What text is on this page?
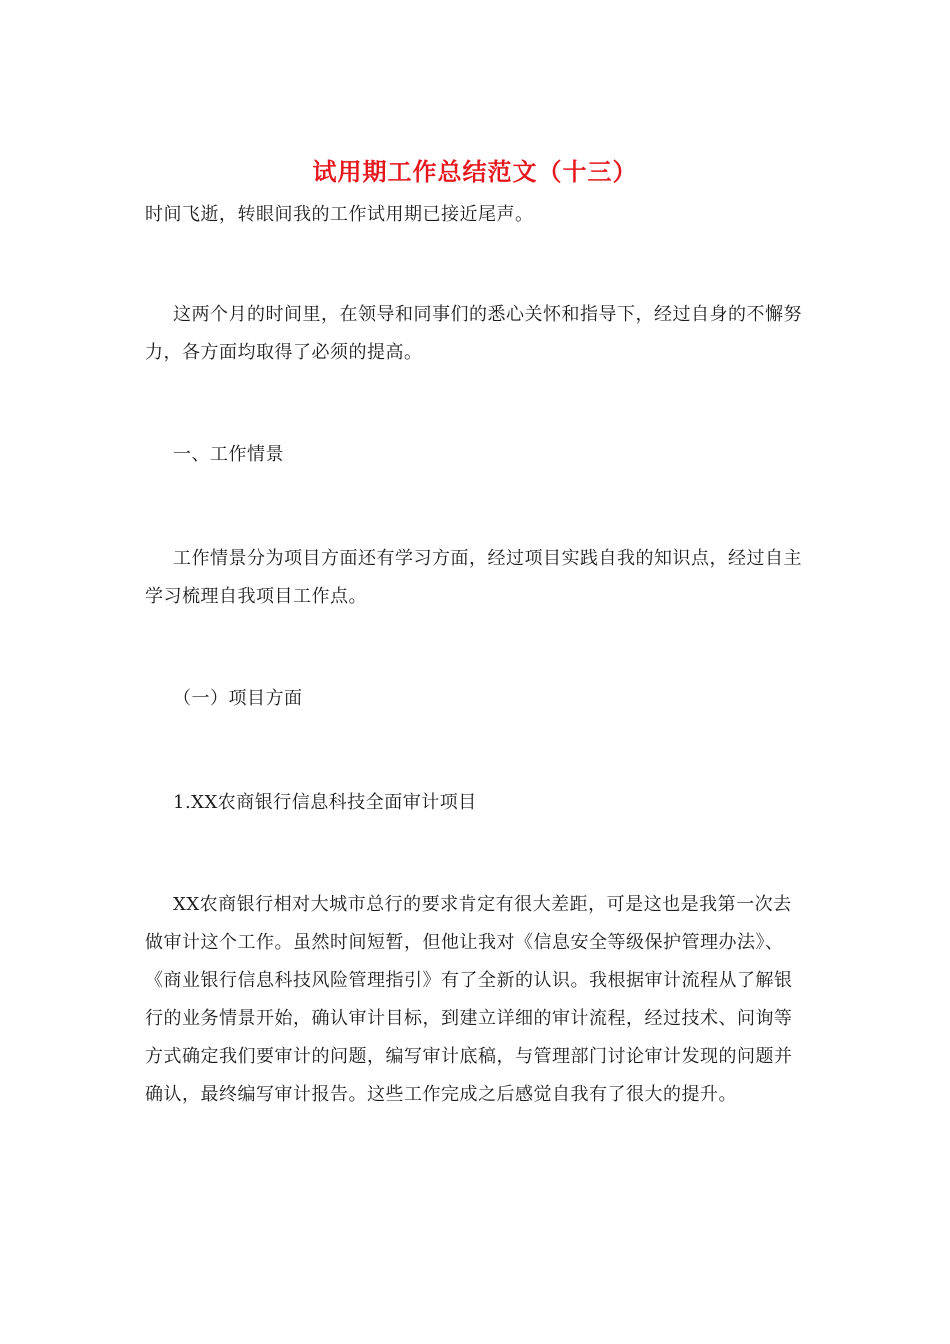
试用期工作总结范文（十三）
时间飞逝，转眼间我的工作试用期已接近尾声。
这两个月的时间里，在领导和同事们的悉心关怀和指导下，经过自身的不懈努力，各方面均取得了必须的提高。
一、工作情景
工作情景分为项目方面还有学习方面，经过项目实践自我的知识点，经过自主学习梳理自我项目工作点。
（一）项目方面
1.XX农商银行信息科技全面审计项目
XX农商银行相对大城市总行的要求肯定有很大差距，可是这也是我第一次去做审计这个工作。虽然时间短暂，但他让我对《信息安全等级保护管理办法》、《商业银行信息科技风险管理指引》有了全新的认识。我根据审计流程从了解银行的业务情景开始，确认审计目标，到建立详细的审计流程，经过技术、问询等方式确定我们要审计的问题，编写审计底稿，与管理部门讨论审计发现的问题并确认，最终编写审计报告。这些工作完成之后感觉自我有了很大的提升。
